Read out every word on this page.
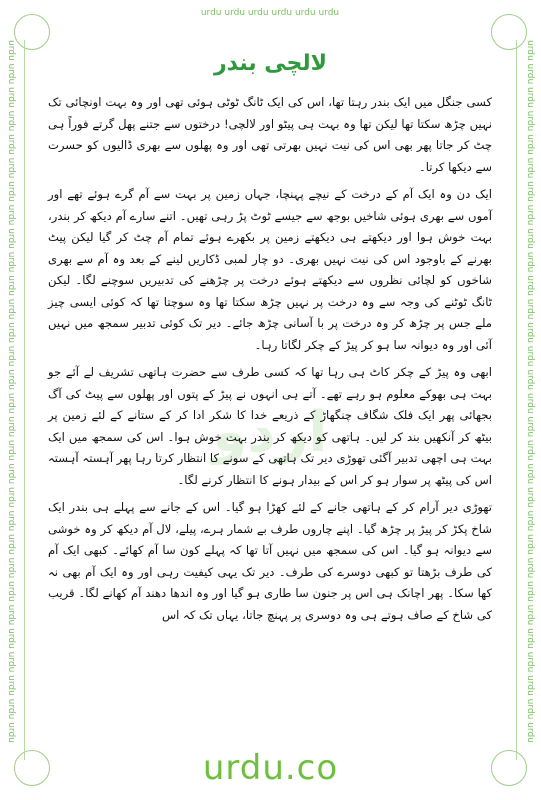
urdu urdu urdu urdu urdu urdu
urdu urdu urdu urdu urdu urdu urdu urdu urdu urdu urdu urdu urdu urdu urdu urdu urdu urdu urdu urdu urdu urdu urdu urdu urdu urdu urdu urdu urdu urdu	urdu urdu urdu urdu urdu urdu urdu urdu urdu urdu urdu urdu urdu urdu urdu urdu urdu urdu urdu urdu urdu urdu urdu urdu urdu urdu urdu urdu urdu urdu
اردو
لالچی بندر

کسی جنگل میں ایک بندر رہتا تھا، اس کی ایک ٹانگ ٹوٹی ہوئی تھی اور وہ بہت اونچائی تک نہیں چڑھ سکتا تھا لیکن تھا وہ بہت ہی پیٹو اور لالچی! درختوں سے جتنے پھل گرتے فوراً ہی چٹ کر جاتا پھر بھی اس کی نیت نہیں بھرتی تھی اور وہ پھلوں سے بھری ڈالیوں کو حسرت سے دیکھا کرتا۔

ایک دن وہ ایک آم کے درخت کے نیچے پہنچا، جہاں زمین پر بہت سے آم گرے ہوئے تھے اور آموں سے بھری ہوئی شاخیں بوجھ سے جیسے ٹوٹ پڑ رہی تھیں۔ اتنے سارے آم دیکھ کر بندر، بہت خوش ہوا اور دیکھتے ہی دیکھتے زمین پر بکھرے ہوئے تمام آم چٹ کر گیا لیکن پیٹ بھرنے کے باوجود اس کی نیت نہیں بھری۔ دو چار لمبی ڈکاریں لینے کے بعد وہ آم سے بھری شاخوں کو لچائی نظروں سے دیکھتے ہوئے درخت پر چڑھنے کی تدبیریں سوچنے لگا۔ لیکن ٹانگ ٹوٹنے کی وجہ سے وہ درخت پر نہیں چڑھ سکتا تھا وہ سوچتا تھا کہ کوئی ایسی چیز ملے جس پر چڑھ کر وہ درخت پر با آسانی چڑھ جائے۔ دیر تک کوئی تدبیر سمجھ میں نہیں آئی اور وہ دیوانہ سا ہو کر پیڑ کے چکر لگاتا رہا۔

ابھی وہ پیڑ کے چکر کاٹ ہی رہا تھا کہ کسی طرف سے حضرت ہاتھی تشریف لے آئے جو بہت ہی بھوکے معلوم ہو رہے تھے۔ آتے ہی انہوں نے پیڑ کے پتوں اور پھلوں سے پیٹ کی آگ بجھائی پھر ایک فلک شگاف چنگھاڑ کے ذریعے خدا کا شکر ادا کر کے ستانے کے لئے زمین پر بیٹھ کر آنکھیں بند کر لیں۔ ہاتھی کو دیکھ کر بندر بہت خوش ہوا۔ اس کی سمجھ میں ایک بہت ہی اچھی تدبیر آگئی تھوڑی دیر تک ہاتھی کے سونے کا انتظار کرتا رہا پھر آہستہ آہستہ اس کی پیٹھ پر سوار ہو کر اس کے بیدار ہونے کا انتظار کرنے لگا۔

تھوڑی دیر آرام کر کے ہاتھی جانے کے لئے کھڑا ہو گیا۔ اس کے جانے سے پہلے ہی بندر ایک شاخ پکڑ کر پیڑ پر چڑھ گیا۔ اپنے چاروں طرف بے شمار ہرے، پیلے، لال آم دیکھ کر وہ خوشی سے دیوانہ ہو گیا۔ اس کی سمجھ میں نہیں آتا تھا کہ پہلے کون سا آم کھائے۔ کبھی ایک آم کی طرف بڑھتا تو کبھی دوسرے کی طرف۔ دیر تک یہی کیفیت رہی اور وہ ایک آم بھی نہ کھا سکا۔ پھر اچانک ہی اس پر جنون سا طاری ہو گیا اور وہ اندھا دھند آم کھانے لگا۔ قریب کی شاخ کے صاف ہوتے ہی وہ دوسری پر پہنچ جاتا، یہاں تک کہ اس

urdu.co
